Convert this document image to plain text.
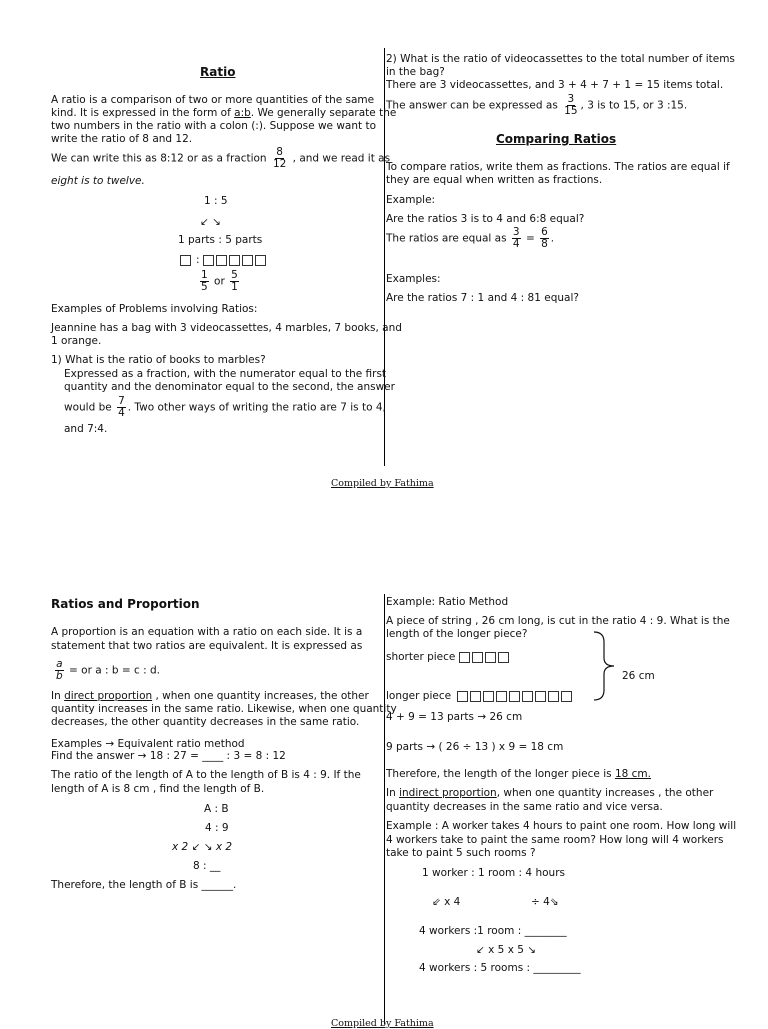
Ratio
A ratio is a comparison of two or more quantities of the same
kind. It is expressed in the form of a:b. We generally separate the
two numbers in the ratio with a colon (:). Suppose we want to
write the ratio of 8 and 12.
We can write this as 8:12 or as a fraction $\frac{8}{12}$ , and we read it as
eight is to twelve.
1 : 5
↙ ↘
1 parts : 5 parts
:
$\frac{1}{5}$ or $\frac{5}{1}$
Examples of Problems involving Ratios:
Jeannine has a bag with 3 videocassettes, 4 marbles, 7 books, and
1 orange.
1) What is the ratio of books to marbles?
Expressed as a fraction, with the numerator equal to the first
quantity and the denominator equal to the second, the answer
would be $\frac{7}{4}$ . Two other ways of writing the ratio are 7 is to 4,
and 7:4.
2) What is the ratio of videocassettes to the total number of items
in the bag?
There are 3 videocassettes, and 3 + 4 + 7 + 1 = 15 items total.
The answer can be expressed as $\frac{3}{15}$ , 3 is to 15, or 3 :15.
Comparing Ratios
To compare ratios, write them as fractions. The ratios are equal if
they are equal when written as fractions.
Example:
Are the ratios 3 is to 4 and 6:8 equal?
The ratios are equal as $\frac{3}{4} = \frac{6}{8}$ .
Examples:
Are the ratios 7 : 1 and 4 : 81 equal?
Compiled by Fathima
Ratios and Proportion
A proportion is an equation with a ratio on each side. It is a
statement that two ratios are equivalent. It is expressed as
$\frac{a}{b}$ = or a : b = c : d.
In direct proportion , when one quantity increases, the other
quantity increases in the same ratio. Likewise, when one quantity
decreases, the other quantity decreases in the same ratio.
Examples → Equivalent ratio method
Find the answer → 18 : 27 = ____ : 3 = 8 : 12
The ratio of the length of A to the length of B is 4 : 9. If the
length of A is 8 cm , find the length of B.
A : B
4 : 9
x 2 ↙ ↘ x 2
8 : __
Therefore, the length of B is ______.
Example: Ratio Method
A piece of string , 26 cm long, is cut in the ratio 4 : 9. What is the
length of the longer piece?
shorter piece
26 cm
longer piece
4 + 9 = 13 parts → 26 cm
9 parts → ( 26 ÷ 13 ) x 9 = 18 cm
Therefore, the length of the longer piece is 18 cm.
In indirect proportion, when one quantity increases , the other
quantity decreases in the same ratio and vice versa.
Example : A worker takes 4 hours to paint one room. How long will
4 workers take to paint the same room? How long will 4 workers
take to paint 5 such rooms ?
1 worker : 1 room : 4 hours
⇙ x 4	÷ 4⇘
4 workers :1 room : ________
↙ x 5 x 5 ↘
4 workers : 5 rooms : _________
Compiled by Fathima
